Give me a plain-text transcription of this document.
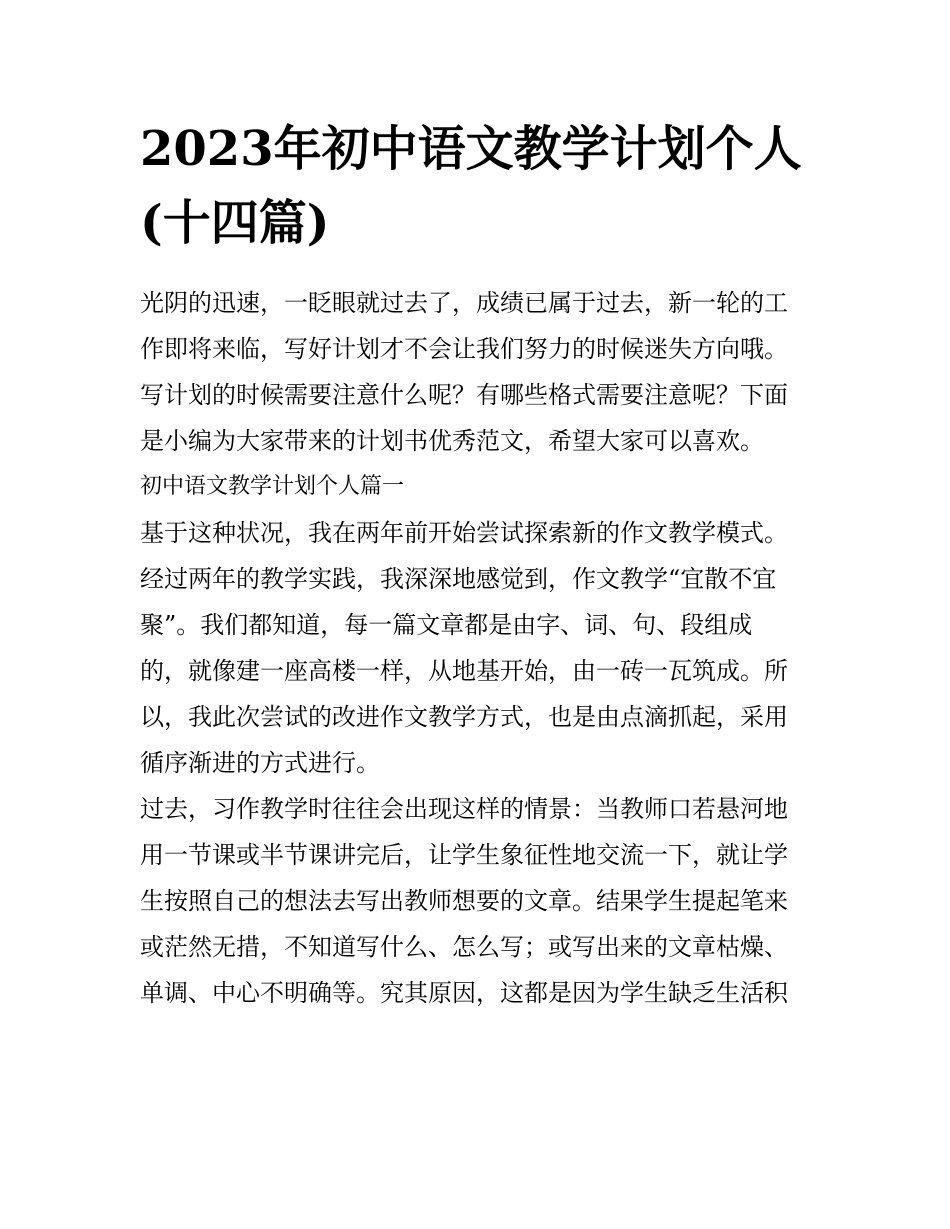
2023年初中语文教学计划个人
(十四篇)
光阴的迅速，一眨眼就过去了，成绩已属于过去，新一轮的工
作即将来临，写好计划才不会让我们努力的时候迷失方向哦。
写计划的时候需要注意什么呢？有哪些格式需要注意呢？下面
是小编为大家带来的计划书优秀范文，希望大家可以喜欢。
初中语文教学计划个人篇一
基于这种状况，我在两年前开始尝试探索新的作文教学模式。
经过两年的教学实践，我深深地感觉到，作文教学“宜散不宜
聚”。我们都知道，每一篇文章都是由字、词、句、段组成
的，就像建一座高楼一样，从地基开始，由一砖一瓦筑成。所
以，我此次尝试的改进作文教学方式，也是由点滴抓起，采用
循序渐进的方式进行。
过去，习作教学时往往会出现这样的情景：当教师口若悬河地
用一节课或半节课讲完后，让学生象征性地交流一下，就让学
生按照自己的想法去写出教师想要的文章。结果学生提起笔来
或茫然无措，不知道写什么、怎么写；或写出来的文章枯燥、
单调、中心不明确等。究其原因，这都是因为学生缺乏生活积
